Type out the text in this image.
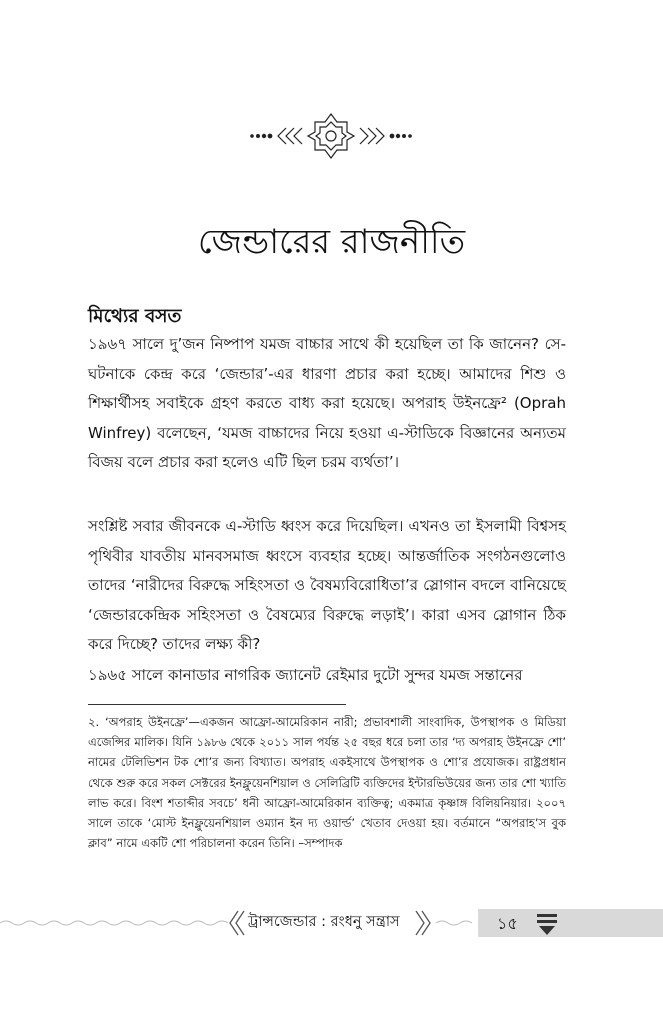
জেন্ডারের রাজনীতি
মিথ্যের বসত

১৯৬৭ সালে দু’জন নিষ্পাপ যমজ বাচ্চার সাথে কী হয়েছিল তা কি জানেন? সে-ঘটনাকে কেন্দ্র করে ‘জেন্ডার’-এর ধারণা প্রচার করা হচ্ছে। আমাদের শিশু ও শিক্ষার্থীসহ সবাইকে গ্রহণ করতে বাধ্য করা হয়েছে। অপরাহ উইনফ্রে² (Oprah Winfrey) বলেছেন, ‘যমজ বাচ্চাদের নিয়ে হওয়া এ-স্টাডিকে বিজ্ঞানের অন্যতম বিজয় বলে প্রচার করা হলেও এটি ছিল চরম ব্যর্থতা’।

সংশ্লিষ্ট সবার জীবনকে এ-স্টাডি ধ্বংস করে দিয়েছিল। এখনও তা ইসলামী বিশ্বসহ পৃথিবীর যাবতীয় মানবসমাজ ধ্বংসে ব্যবহার হচ্ছে। আন্তর্জাতিক সংগঠনগুলোও তাদের ‘নারীদের বিরুদ্ধে সহিংসতা ও বৈষম্যবিরোধিতা’র স্লোগান বদলে বানিয়েছে ‘জেন্ডারকেন্দ্রিক সহিংসতা ও বৈষম্যের বিরুদ্ধে লড়াই’। কারা এসব স্লোগান ঠিক করে দিচ্ছে? তাদের লক্ষ্য কী?

১৯৬৫ সালে কানাডার নাগরিক জ্যানেট রেইমার দুটো সুন্দর যমজ সন্তানের

২. ‘অপরাহ উইনফ্রে’—একজন আফ্রো-আমেরিকান নারী; প্রভাবশালী সাংবাদিক, উপস্থাপক ও মিডিয়া এজেন্সির মালিক। যিনি ১৯৮৬ থেকে ২০১১ সাল পর্যন্ত ২৫ বছর ধরে চলা তার ‘দ্য অপরাহ উইনফ্রে শো’ নামের টেলিভিশন টক শো’র জন্য বিখ্যাত। অপরাহ একইসাথে উপস্থাপক ও শো’র প্রযোজক। রাষ্ট্রপ্রধান থেকে শুরু করে সকল সেক্টরের ইনফ্লুয়েনশিয়াল ও সেলিব্রিটি ব্যক্তিদের ইন্টারভিউয়ের জন্য তার শো খ্যাতি লাভ করে। বিংশ শতাব্দীর সবচে’ ধনী আফ্রো-আমেরিকান ব্যক্তিত্ব; একমাত্র কৃষ্ণাঙ্গ বিলিয়নিয়ার। ২০০৭ সালে তাকে ‘মোস্ট ইনফ্লুয়েনশিয়াল ওম্যান ইন দ্য ওয়ার্ল্ড’ খেতাব দেওয়া হয়। বর্তমানে “অপরাহ’স বুক ক্লাব” নামে একটি শো পরিচালনা করেন তিনি। –সম্পাদক

ট্রান্সজেন্ডার : রংধনু সন্ত্রাস	১৫
